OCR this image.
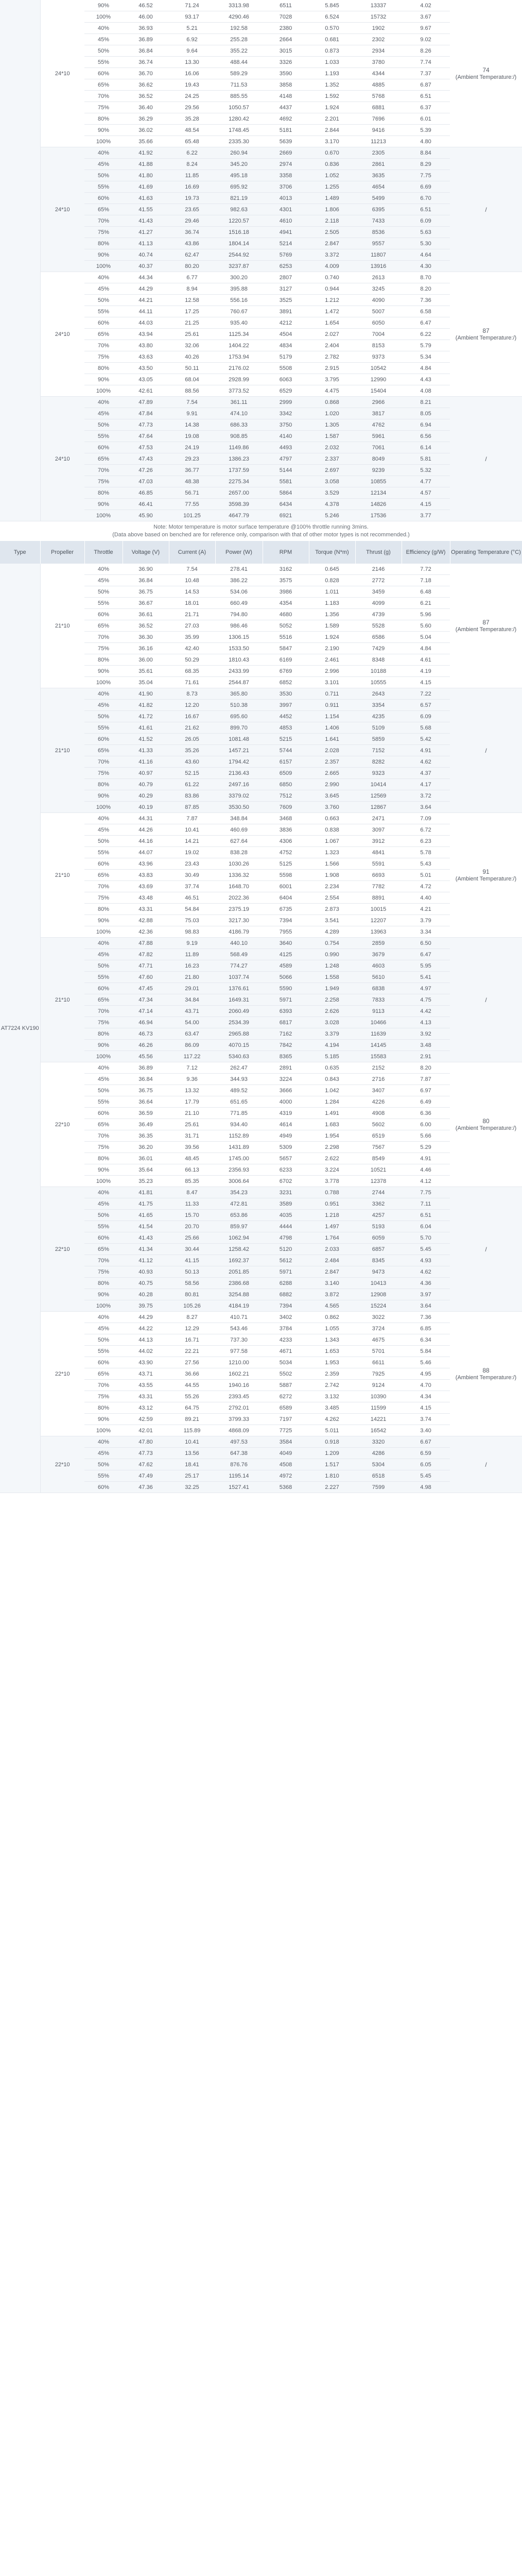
	24*10	90%	46.52	71.24	3313.98	6511	5.845	13337	4.02	74
(Ambient Temperature:/)
		100%	46.00	93.17	4290.46	7028	6.524	15732	3.67	
		40%	36.93	5.21	192.58	2380	0.570	1902	9.67	
		45%	36.89	6.92	255.28	2664	0.681	2302	9.02	
		50%	36.84	9.64	355.22	3015	0.873	2934	8.26	
		55%	36.74	13.30	488.44	3326	1.033	3780	7.74	
		60%	36.70	16.06	589.29	3590	1.193	4344	7.37	
		65%	36.62	19.43	711.53	3858	1.352	4885	6.87	
		70%	36.52	24.25	885.55	4148	1.592	5768	6.51	
		75%	36.40	29.56	1050.57	4437	1.924	6881	6.37	
		80%	36.29	35.28	1280.42	4692	2.201	7696	6.01	
		90%	36.02	48.54	1748.45	5181	2.844	9416	5.39	
		100%	35.66	65.48	2335.30	5639	3.170	11213	4.80	
	24*10	40%	41.92	6.22	260.94	2669	0.670	2305	8.84	/

		45%	41.88	8.24	345.20	2974	0.836	2861	8.29	
		50%	41.80	11.85	495.18	3358	1.052	3635	7.75	
		55%	41.69	16.69	695.92	3706	1.255	4654	6.69	
		60%	41.63	19.73	821.19	4013	1.489	5499	6.70	
		65%	41.55	23.65	982.63	4301	1.806	6395	6.51	
		70%	41.43	29.46	1220.57	4610	2.118	7433	6.09	
		75%	41.27	36.74	1516.18	4941	2.505	8536	5.63	
		80%	41.13	43.86	1804.14	5214	2.847	9557	5.30	
		90%	40.74	62.47	2544.92	5769	3.372	11807	4.64	
		100%	40.37	80.20	3237.87	6253	4.009	13916	4.30	
	24*10	40%	44.34	6.77	300.20	2807	0.740	2613	8.70	87
(Ambient Temperature:/)
		45%	44.29	8.94	395.88	3127	0.944	3245	8.20	
		50%	44.21	12.58	556.16	3525	1.212	4090	7.36	
		55%	44.11	17.25	760.67	3891	1.472	5007	6.58	
		60%	44.03	21.25	935.40	4212	1.654	6050	6.47	
		65%	43.94	25.61	1125.34	4504	2.027	7004	6.22	
		70%	43.80	32.06	1404.22	4834	2.404	8153	5.79	
		75%	43.63	40.26	1753.94	5179	2.782	9373	5.34	
		80%	43.50	50.11	2176.02	5508	2.915	10542	4.84	
		90%	43.05	68.04	2928.99	6063	3.795	12990	4.43	
		100%	42.61	88.56	3773.52	6529	4.475	15404	4.08	
	24*10	40%	47.89	7.54	361.11	2999	0.868	2966	8.21	/

		45%	47.84	9.91	474.10	3342	1.020	3817	8.05	
		50%	47.73	14.38	686.33	3750	1.305	4762	6.94	
		55%	47.64	19.08	908.85	4140	1.587	5961	6.56	
		60%	47.53	24.19	1149.86	4493	2.032	7061	6.14	
		65%	47.43	29.23	1386.23	4797	2.337	8049	5.81	
		70%	47.26	36.77	1737.59	5144	2.697	9239	5.32	
		75%	47.03	48.38	2275.34	5581	3.058	10855	4.77	
		80%	46.85	56.71	2657.00	5864	3.529	12134	4.57	
		90%	46.41	77.55	3598.39	6434	4.378	14826	4.15	
		100%	45.90	101.25	4647.79	6921	5.246	17536	3.77	
Note: Motor temperature is motor surface temperature @100% throttle running 3mins.
(Data above based on benched are for reference only, comparison with that of other motor types is not recommended.)
Type	Propeller	Throttle	Voltage (V)	Current (A)	Power (W)	RPM	Torque (N*m)	Thrust (g)	Efficiency (g/W)	Operating Temperature (°C)
AT7224 KV190	21*10	40%	36.90	7.54	278.41	3162	0.645	2146	7.72	87
(Ambient Temperature:/)
		45%	36.84	10.48	386.22	3575	0.828	2772	7.18	
		50%	36.75	14.53	534.06	3986	1.011	3459	6.48	
		55%	36.67	18.01	660.49	4354	1.183	4099	6.21	
		60%	36.61	21.71	794.80	4680	1.356	4739	5.96	
		65%	36.52	27.03	986.46	5052	1.589	5528	5.60	
		70%	36.30	35.99	1306.15	5516	1.924	6586	5.04	
		75%	36.16	42.40	1533.50	5847	2.190	7429	4.84	
		80%	36.00	50.29	1810.43	6169	2.461	8348	4.61	
		90%	35.61	68.35	2433.99	6769	2.996	10188	4.19	
		100%	35.04	71.61	2544.87	6852	3.101	10555	4.15	
	21*10	40%	41.90	8.73	365.80	3530	0.711	2643	7.22	/

		45%	41.82	12.20	510.38	3997	0.911	3354	6.57	
		50%	41.72	16.67	695.60	4452	1.154	4235	6.09	
		55%	41.61	21.62	899.70	4853	1.406	5109	5.68	
		60%	41.52	26.05	1081.48	5215	1.641	5859	5.42	
		65%	41.33	35.26	1457.21	5744	2.028	7152	4.91	
		70%	41.16	43.60	1794.42	6157	2.357	8282	4.62	
		75%	40.97	52.15	2136.43	6509	2.665	9323	4.37	
		80%	40.79	61.22	2497.16	6850	2.990	10414	4.17	
		90%	40.29	83.86	3379.02	7512	3.645	12569	3.72	
		100%	40.19	87.85	3530.50	7609	3.760	12867	3.64	
	21*10	40%	44.31	7.87	348.84	3468	0.663	2471	7.09	91
(Ambient Temperature:/)
		45%	44.26	10.41	460.69	3836	0.838	3097	6.72	
		50%	44.16	14.21	627.64	4306	1.067	3912	6.23	
		55%	44.07	19.02	838.28	4752	1.323	4841	5.78	
		60%	43.96	23.43	1030.26	5125	1.566	5591	5.43	
		65%	43.83	30.49	1336.32	5598	1.908	6693	5.01	
		70%	43.69	37.74	1648.70	6001	2.234	7782	4.72	
		75%	43.48	46.51	2022.36	6404	2.554	8891	4.40	
		80%	43.31	54.84	2375.19	6735	2.873	10015	4.21	
		90%	42.88	75.03	3217.30	7394	3.541	12207	3.79	
		100%	42.36	98.83	4186.79	7955	4.289	13963	3.34	
	21*10	40%	47.88	9.19	440.10	3640	0.754	2859	6.50	/

		45%	47.82	11.89	568.49	4125	0.990	3679	6.47	
		50%	47.71	16.23	774.27	4589	1.248	4603	5.95	
		55%	47.60	21.80	1037.74	5066	1.558	5610	5.41	
		60%	47.45	29.01	1376.61	5590	1.949	6838	4.97	
		65%	47.34	34.84	1649.31	5971	2.258	7833	4.75	
		70%	47.14	43.71	2060.49	6393	2.626	9113	4.42	
		75%	46.94	54.00	2534.39	6817	3.028	10466	4.13	
		80%	46.73	63.47	2965.88	7162	3.379	11639	3.92	
		90%	46.26	86.09	4070.15	7842	4.194	14145	3.48	
		100%	45.56	117.22	5340.63	8365	5.185	15583	2.91	
	22*10	40%	36.89	7.12	262.47	2891	0.635	2152	8.20	80
(Ambient Temperature:/)
		45%	36.84	9.36	344.93	3224	0.843	2716	7.87	
		50%	36.75	13.32	489.52	3666	1.042	3407	6.97	
		55%	36.64	17.79	651.65	4000	1.284	4226	6.49	
		60%	36.59	21.10	771.85	4319	1.491	4908	6.36	
		65%	36.49	25.61	934.40	4614	1.683	5602	6.00	
		70%	36.35	31.71	1152.89	4949	1.954	6519	5.66	
		75%	36.20	39.56	1431.89	5309	2.298	7567	5.29	
		80%	36.01	48.45	1745.00	5657	2.622	8549	4.91	
		90%	35.64	66.13	2356.93	6233	3.224	10521	4.46	
		100%	35.23	85.35	3006.64	6702	3.778	12378	4.12	
	22*10	40%	41.81	8.47	354.23	3231	0.788	2744	7.75	/

		45%	41.75	11.33	472.81	3589	0.951	3362	7.11	
		50%	41.65	15.70	653.86	4035	1.218	4257	6.51	
		55%	41.54	20.70	859.97	4444	1.497	5193	6.04	
		60%	41.43	25.66	1062.94	4798	1.764	6059	5.70	
		65%	41.34	30.44	1258.42	5120	2.033	6857	5.45	
		70%	41.12	41.15	1692.37	5612	2.484	8345	4.93	
		75%	40.93	50.13	2051.85	5971	2.847	9473	4.62	
		80%	40.75	58.56	2386.68	6288	3.140	10413	4.36	
		90%	40.28	80.81	3254.88	6882	3.872	12908	3.97	
		100%	39.75	105.26	4184.19	7394	4.565	15224	3.64	
	22*10	40%	44.29	8.27	410.71	3402	0.862	3022	7.36	88
(Ambient Temperature:/)
		45%	44.22	12.29	543.46	3784	1.055	3724	6.85	
		50%	44.13	16.71	737.30	4233	1.343	4675	6.34	
		55%	44.02	22.21	977.58	4671	1.653	5701	5.84	
		60%	43.90	27.56	1210.00	5034	1.953	6611	5.46	
		65%	43.71	36.66	1602.21	5502	2.359	7925	4.95	
		70%	43.55	44.55	1940.16	5887	2.742	9124	4.70	
		75%	43.31	55.26	2393.45	6272	3.132	10390	4.34	
		80%	43.12	64.75	2792.01	6589	3.485	11599	4.15	
		90%	42.59	89.21	3799.33	7197	4.262	14221	3.74	
		100%	42.01	115.89	4868.09	7725	5.011	16542	3.40	
	22*10	40%	47.80	10.41	497.53	3584	0.918	3320	6.67	/

		45%	47.73	13.56	647.38	4049	1.209	4286	6.59	
		50%	47.62	18.41	876.76	4508	1.517	5304	6.05	
		55%	47.49	25.17	1195.14	4972	1.810	6518	5.45	
		60%	47.36	32.25	1527.41	5368	2.227	7599	4.98	
